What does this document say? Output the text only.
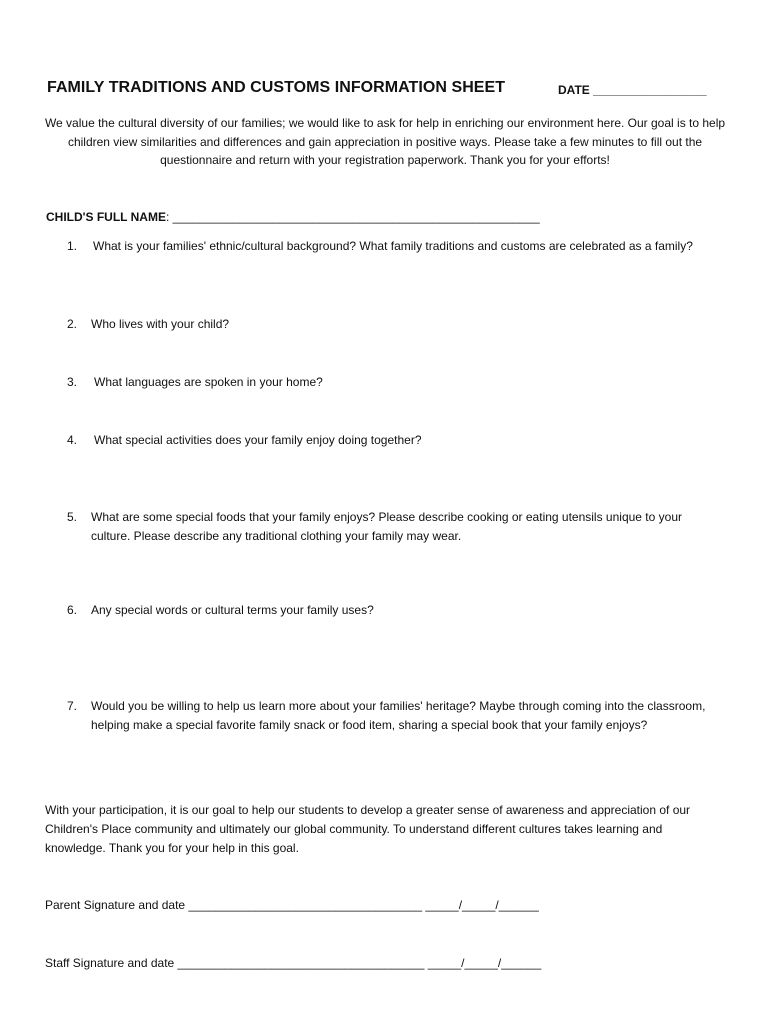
FAMILY TRADITIONS AND CUSTOMS INFORMATION SHEET	DATE _________________
We value the cultural diversity of our families; we would like to ask for help in enriching our environment here. Our goal is to help children view similarities and differences and gain appreciation in positive ways. Please take a few minutes to fill out the questionnaire and return with your registration paperwork. Thank you for your efforts!
CHILD'S FULL NAME: _______________________________________________________
1. What is your families' ethnic/cultural background? What family traditions and customs are celebrated as a family?
2. Who lives with your child?
3. What languages are spoken in your home?
4. What special activities does your family enjoy doing together?
5. What are some special foods that your family enjoys? Please describe cooking or eating utensils unique to your culture. Please describe any traditional clothing your family may wear.
6. Any special words or cultural terms your family uses?
7. Would you be willing to help us learn more about your families' heritage? Maybe through coming into the classroom, helping make a special favorite family snack or food item, sharing a special book that your family enjoys?
With your participation, it is our goal to help our students to develop a greater sense of awareness and appreciation of our Children's Place community and ultimately our global community. To understand different cultures takes learning and knowledge. Thank you for your help in this goal.
Parent Signature and date ___________________________________ _____/_____/______
Staff Signature and date _____________________________________ _____/_____/______
